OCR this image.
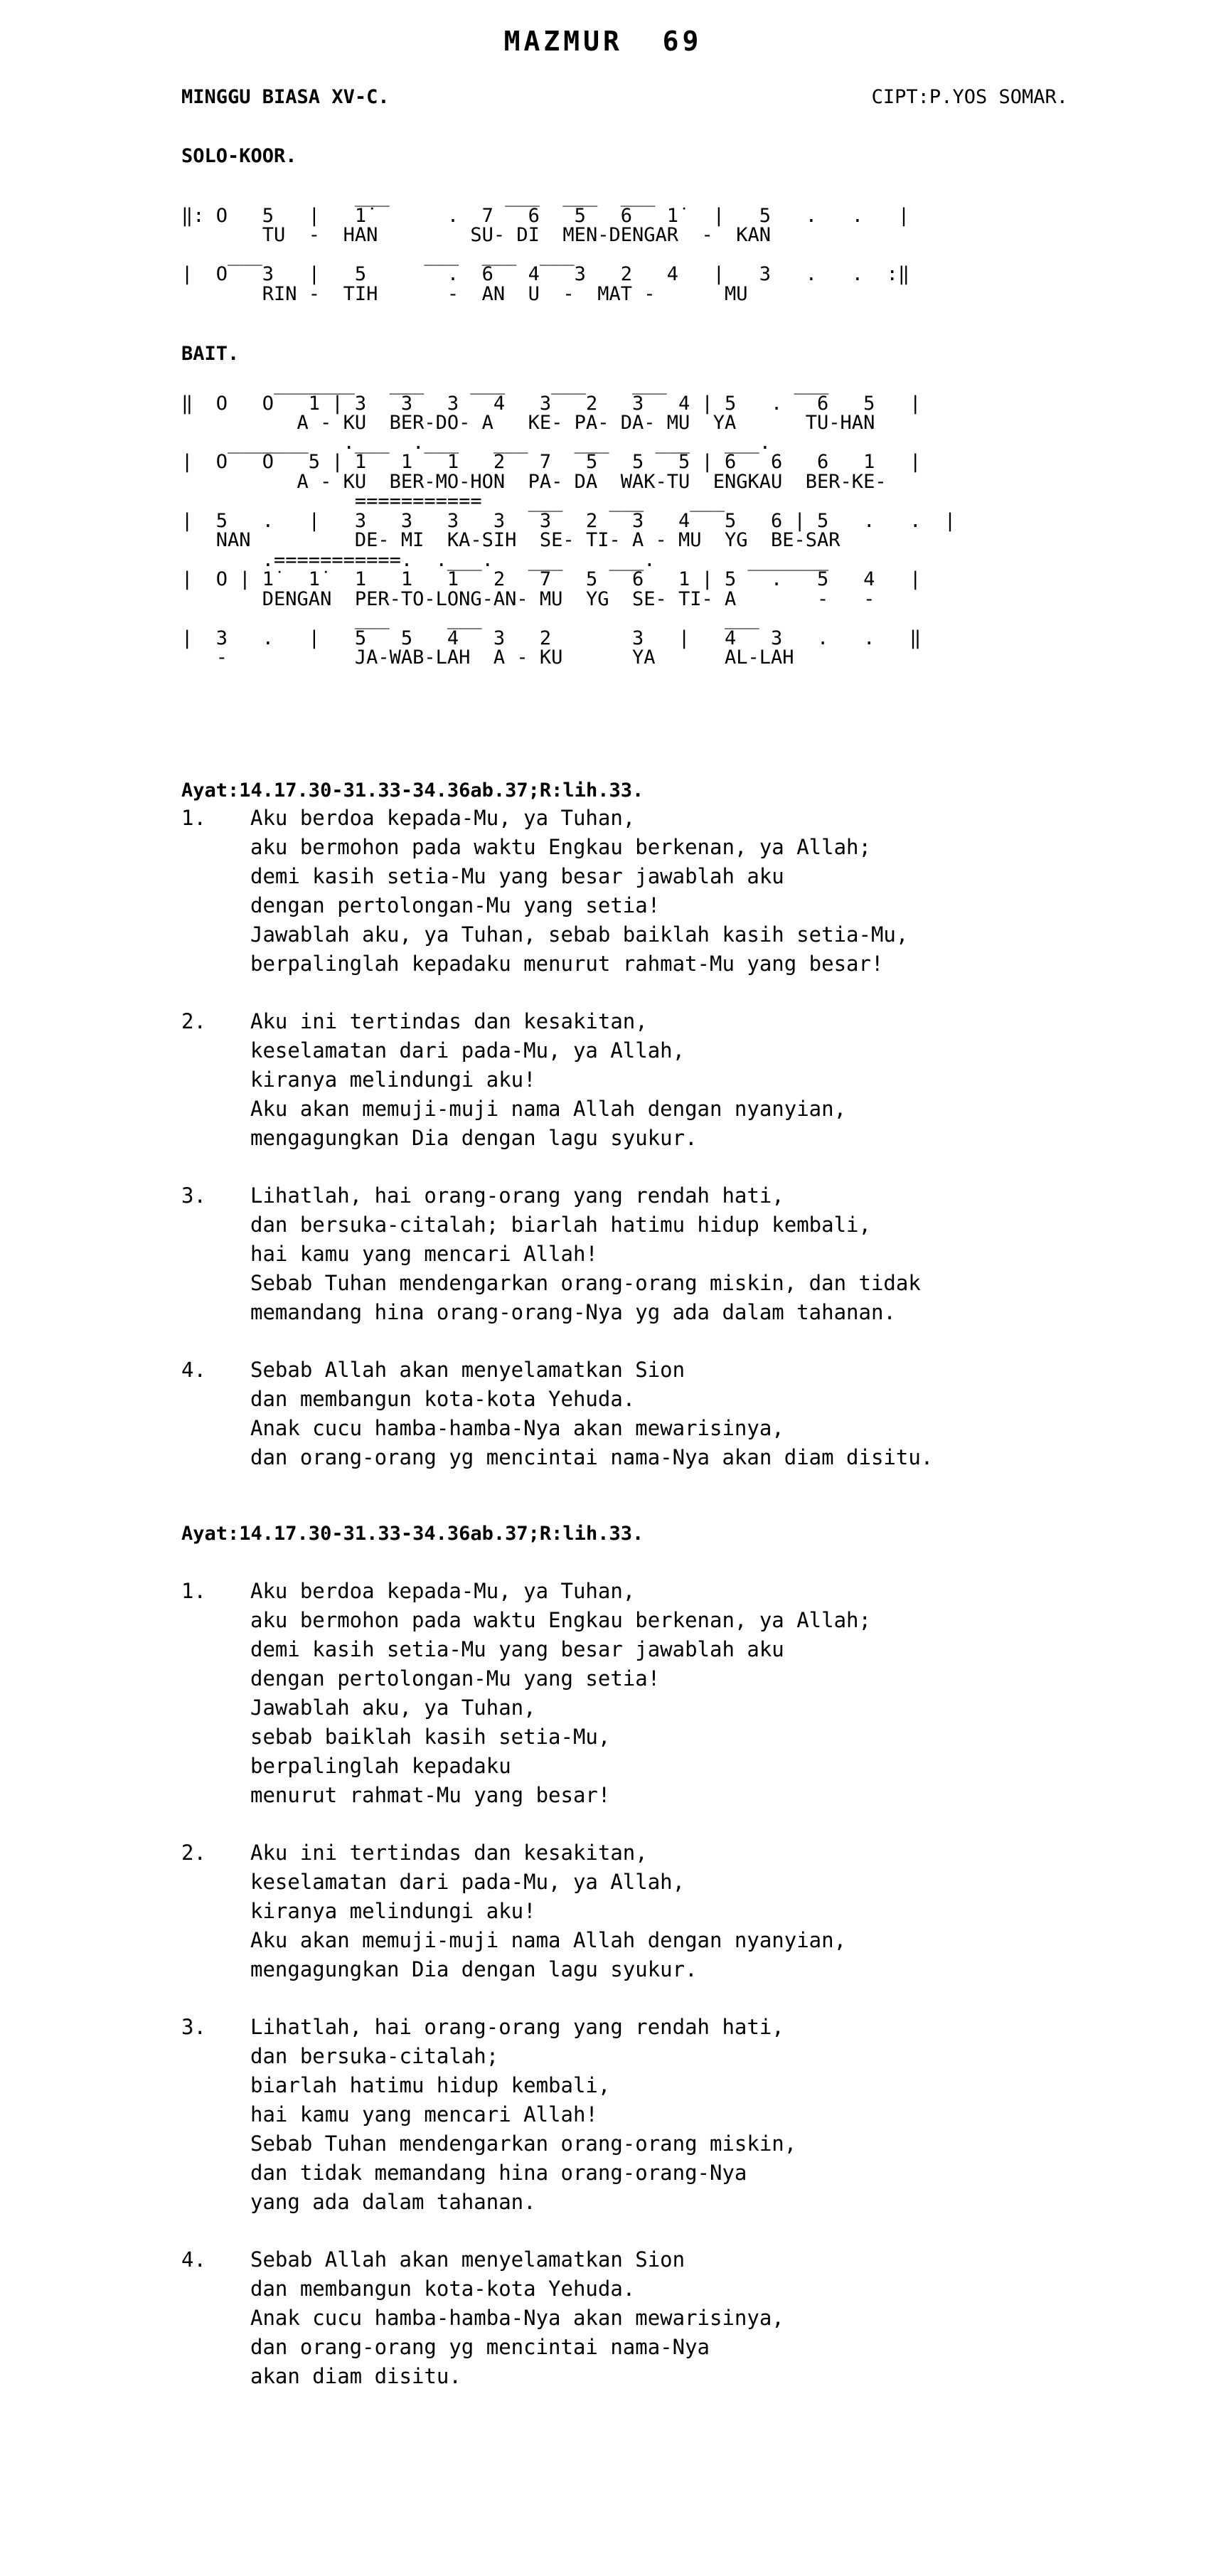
MAZMUR  69
MINGGU BIASA XV-C.	CIPT:P.YOS SOMAR.
SOLO-KOOR.
___          ___  ___  ___
‖: O   5   |   1̇       .  7   6   5   6   1̇   |   5   .   .   |
TU  -  HAN        SU- DI  MEN-DENGAR  -  KAN
___              ___  ___  ___
|  O   3   |   5       .  6   4   3   2   4   |   3   .   .  :‖
RIN -  TIH      -  AN  U  -  MAT -      MU

BAIT.
_______   ___    ___    ___    ___           ___
‖  O   O   1 | 3   3   3   4   3   2   3   4 | 5   .   6   5   |
A - KU  BER-DO- A   KE- PA- DA- MU  YA      TU-HAN
_______   .___  .___   ___    ___    ___   ___.
|  O   O   5 | 1   1   1   2   7   5   5   5 | 6   6   6   1   |
A - KU  BER-MO-HON  PA- DA  WAK-TU  ENGKAU  BER-KE-
===========    ___    ___    ___
|  5   .   |   3   3   3   3   3   2   3   4   5   6 | 5   .   .  |
NAN         DE- MI  KA-SIH  SE- TI- A - MU  YG  BE-SAR
.===========.  .___.   ___    ___.        _______
|  O | 1̇   1̇   1   1   1   2   7   5   6   1 | 5   .   5   4   |
DENGAN  PER-TO-LONG-AN- MU  YG  SE- TI- A       -   -
___     ___                     ___
|  3   .   |   5   5   4   3   2       3   |   4   3   .   .   ‖
-           JA-WAB-LAH  A - KU      YA      AL-LAH

Ayat:14.17.30-31.33-34.36ab.37;R:lih.33.
1.	Aku berdoa kepada-Mu, ya Tuhan,
aku bermohon pada waktu Engkau berkenan, ya Allah;
demi kasih setia-Mu yang besar jawablah aku
dengan pertolongan-Mu yang setia!
Jawablah aku, ya Tuhan, sebab baiklah kasih setia-Mu,
berpalinglah kepadaku menurut rahmat-Mu yang besar!
2.	Aku ini tertindas dan kesakitan,
keselamatan dari pada-Mu, ya Allah,
kiranya melindungi aku!
Aku akan memuji-muji nama Allah dengan nyanyian,
mengagungkan Dia dengan lagu syukur.
3.	Lihatlah, hai orang-orang yang rendah hati,
dan bersuka-citalah; biarlah hatimu hidup kembali,
hai kamu yang mencari Allah!
Sebab Tuhan mendengarkan orang-orang miskin, dan tidak
memandang hina orang-orang-Nya yg ada dalam tahanan.
4.	Sebab Allah akan menyelamatkan Sion
dan membangun kota-kota Yehuda.
Anak cucu hamba-hamba-Nya akan mewarisinya,
dan orang-orang yg mencintai nama-Nya akan diam disitu.
Ayat:14.17.30-31.33-34.36ab.37;R:lih.33.
1.	Aku berdoa kepada-Mu, ya Tuhan,
aku bermohon pada waktu Engkau berkenan, ya Allah;
demi kasih setia-Mu yang besar jawablah aku
dengan pertolongan-Mu yang setia!
Jawablah aku, ya Tuhan,
sebab baiklah kasih setia-Mu,
berpalinglah kepadaku
menurut rahmat-Mu yang besar!
2.	Aku ini tertindas dan kesakitan,
keselamatan dari pada-Mu, ya Allah,
kiranya melindungi aku!
Aku akan memuji-muji nama Allah dengan nyanyian,
mengagungkan Dia dengan lagu syukur.
3.	Lihatlah, hai orang-orang yang rendah hati,
dan bersuka-citalah;
biarlah hatimu hidup kembali,
hai kamu yang mencari Allah!
Sebab Tuhan mendengarkan orang-orang miskin,
dan tidak memandang hina orang-orang-Nya
yang ada dalam tahanan.
4.	Sebab Allah akan menyelamatkan Sion
dan membangun kota-kota Yehuda.
Anak cucu hamba-hamba-Nya akan mewarisinya,
dan orang-orang yg mencintai nama-Nya
akan diam disitu.
